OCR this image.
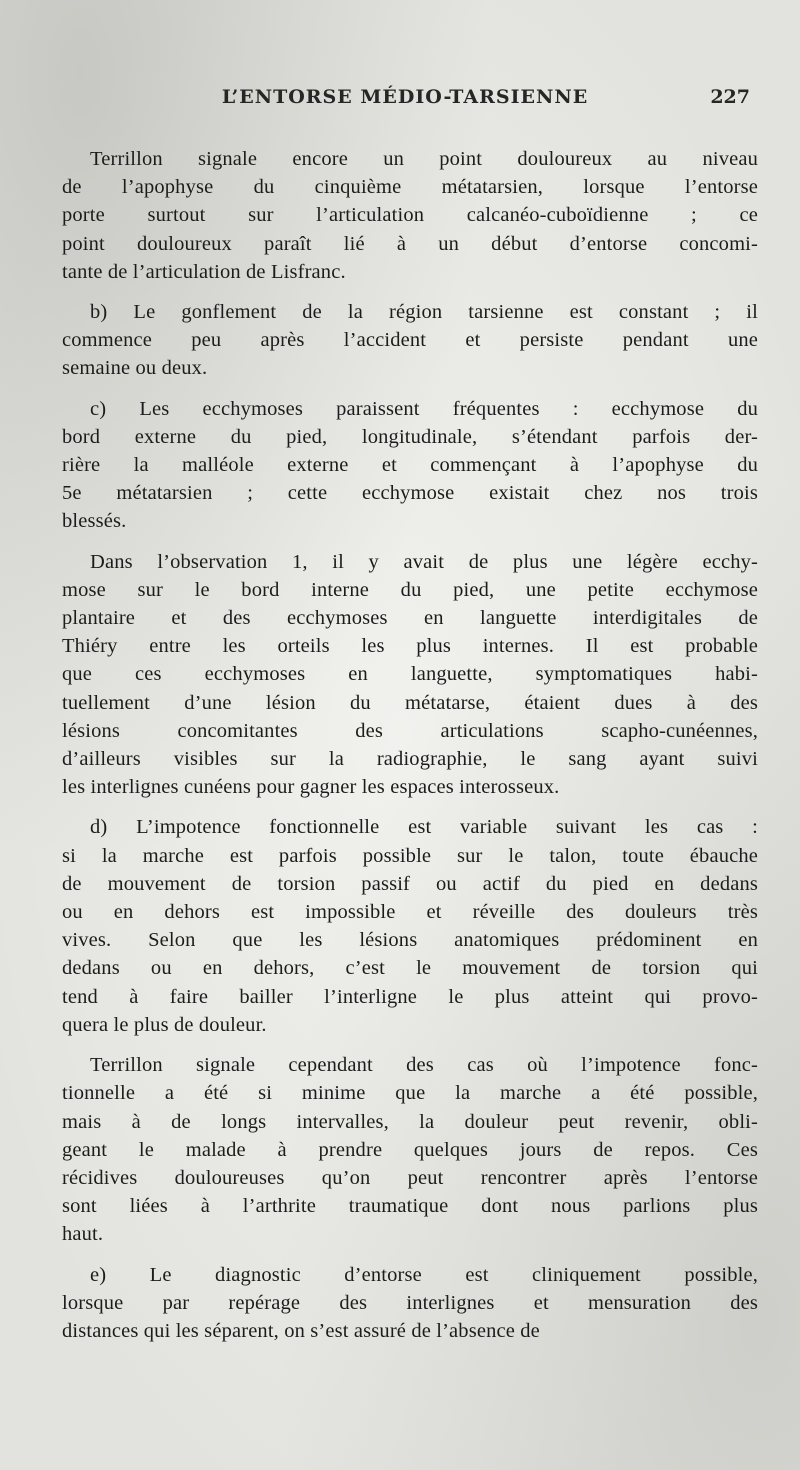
L’ENTORSE MÉDIO-TARSIENNE	227
Terrillon signale encore un point douloureux au niveau
de l’apophyse du cinquième métatarsien, lorsque l’entorse
porte surtout sur l’articulation calcanéo-cuboïdienne ; ce
point douloureux paraît lié à un début d’entorse concomi-
tante de l’articulation de Lisfranc.
b) Le gonflement de la région tarsienne est constant ; il
commence peu après l’accident et persiste pendant une
semaine ou deux.
c) Les ecchymoses paraissent fréquentes : ecchymose du
bord externe du pied, longitudinale, s’étendant parfois der-
rière la malléole externe et commençant à l’apophyse du
5e métatarsien ; cette ecchymose existait chez nos trois
blessés.
Dans l’observation 1, il y avait de plus une légère ecchy-
mose sur le bord interne du pied, une petite ecchymose
plantaire et des ecchymoses en languette interdigitales de
Thiéry entre les orteils les plus internes. Il est probable
que ces ecchymoses en languette, symptomatiques habi-
tuellement d’une lésion du métatarse, étaient dues à des
lésions concomitantes des articulations scapho-cunéennes,
d’ailleurs visibles sur la radiographie, le sang ayant suivi
les interlignes cunéens pour gagner les espaces interosseux.
d) L’impotence fonctionnelle est variable suivant les cas :
si la marche est parfois possible sur le talon, toute ébauche
de mouvement de torsion passif ou actif du pied en dedans
ou en dehors est impossible et réveille des douleurs très
vives. Selon que les lésions anatomiques prédominent en
dedans ou en dehors, c’est le mouvement de torsion qui
tend à faire bailler l’interligne le plus atteint qui provo-
quera le plus de douleur.
Terrillon signale cependant des cas où l’impotence fonc-
tionnelle a été si minime que la marche a été possible,
mais à de longs intervalles, la douleur peut revenir, obli-
geant le malade à prendre quelques jours de repos. Ces
récidives douloureuses qu’on peut rencontrer après l’entorse
sont liées à l’arthrite traumatique dont nous parlions plus
haut.
e) Le diagnostic d’entorse est cliniquement possible,
lorsque par repérage des interlignes et mensuration des
distances qui les séparent, on s’est assuré de l’absence de
